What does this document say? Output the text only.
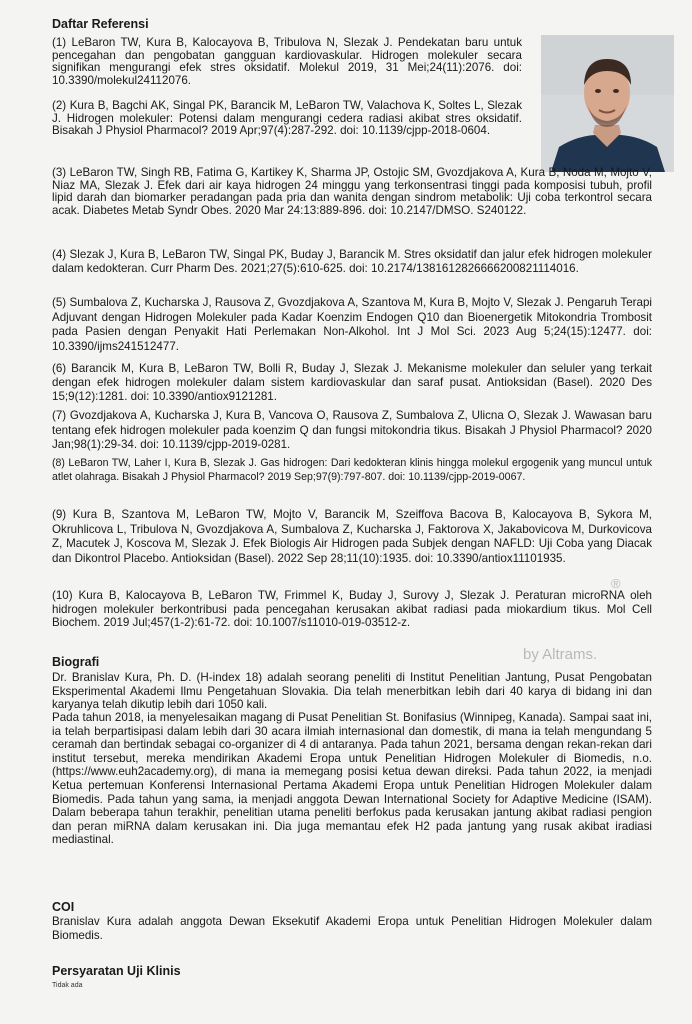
Daftar Referensi
(1) LeBaron TW, Kura B, Kalocayova B, Tribulova N, Slezak J. Pendekatan baru untuk pencegahan dan pengobatan gangguan kardiovaskular. Hidrogen molekuler secara signifikan mengurangi efek stres oksidatif. Molekul 2019, 31 Mei;24(11):2076. doi: 10.3390/molekul24112076.
(2) Kura B, Bagchi AK, Singal PK, Barancik M, LeBaron TW, Valachova K, Soltes L, Slezak J. Hidrogen molekuler: Potensi dalam mengurangi cedera radiasi akibat stres oksidatif. Bisakah J Physiol Pharmacol? 2019 Apr;97(4):287-292. doi: 10.1139/cjpp-2018-0604.
(3) LeBaron TW, Singh RB, Fatima G, Kartikey K, Sharma JP, Ostojic SM, Gvozdjakova A, Kura B, Noda M, Mojto V, Niaz MA, Slezak J. Efek dari air kaya hidrogen 24 minggu yang terkonsentrasi tinggi pada komposisi tubuh, profil lipid darah dan biomarker peradangan pada pria dan wanita dengan sindrom metabolik: Uji coba terkontrol secara acak. Diabetes Metab Syndr Obes. 2020 Mar 24:13:889-896. doi: 10.2147/DMSO. S240122.
(4) Slezak J, Kura B, LeBaron TW, Singal PK, Buday J, Barancik M. Stres oksidatif dan jalur efek hidrogen molekuler dalam kedokteran. Curr Pharm Des. 2021;27(5):610-625. doi: 10.2174/1381612826666200821114016.
(5) Sumbalova Z, Kucharska J, Rausova Z, Gvozdjakova A, Szantova M, Kura B, Mojto V, Slezak J. Pengaruh Terapi Adjuvant dengan Hidrogen Molekuler pada Kadar Koenzim Endogen Q10 dan Bioenergetik Mitokondria Trombosit pada Pasien dengan Penyakit Hati Perlemakan Non-Alkohol. Int J Mol Sci. 2023 Aug 5;24(15):12477. doi: 10.3390/ijms241512477.
(6) Barancik M, Kura B, LeBaron TW, Bolli R, Buday J, Slezak J. Mekanisme molekuler dan seluler yang terkait dengan efek hidrogen molekuler dalam sistem kardiovaskular dan saraf pusat. Antioksidan (Basel). 2020 Des 15;9(12):1281. doi: 10.3390/antiox9121281.
(7) Gvozdjakova A, Kucharska J, Kura B, Vancova O, Rausova Z, Sumbalova Z, Ulicna O, Slezak J. Wawasan baru tentang efek hidrogen molekuler pada koenzim Q dan fungsi mitokondria tikus. Bisakah J Physiol Pharmacol? 2020 Jan;98(1):29-34. doi: 10.1139/cjpp-2019-0281.
(8) LeBaron TW, Laher I, Kura B, Slezak J. Gas hidrogen: Dari kedokteran klinis hingga molekul ergogenik yang muncul untuk atlet olahraga. Bisakah J Physiol Pharmacol? 2019 Sep;97(9):797-807. doi: 10.1139/cjpp-2019-0067.
(9) Kura B, Szantova M, LeBaron TW, Mojto V, Barancik M, Szeiffova Bacova B, Kalocayova B, Sykora M, Okruhlicova L, Tribulova N, Gvozdjakova A, Sumbalova Z, Kucharska J, Faktorova X, Jakabovicova M, Durkovicova Z, Macutek J, Koscova M, Slezak J. Efek Biologis Air Hidrogen pada Subjek dengan NAFLD: Uji Coba yang Diacak dan Dikontrol Placebo. Antioksidan (Basel). 2022 Sep 28;11(10):1935. doi: 10.3390/antiox11101935.
(10) Kura B, Kalocayova B, LeBaron TW, Frimmel K, Buday J, Surovy J, Slezak J. Peraturan microRNA oleh hidrogen molekuler berkontribusi pada pencegahan kerusakan akibat radiasi pada miokardium tikus. Mol Cell Biochem. 2019 Jul;457(1-2):61-72. doi: 10.1007/s11010-019-03512-z.
®
by Altrams.
Biografi
Dr. Branislav Kura, Ph. D. (H-index 18) adalah seorang peneliti di Institut Penelitian Jantung, Pusat Pengobatan Eksperimental Akademi Ilmu Pengetahuan Slovakia. Dia telah menerbitkan lebih dari 40 karya di bidang ini dan karyanya telah dikutip lebih dari 1050 kali.
Pada tahun 2018, ia menyelesaikan magang di Pusat Penelitian St. Bonifasius (Winnipeg, Kanada). Sampai saat ini, ia telah berpartisipasi dalam lebih dari 30 acara ilmiah internasional dan domestik, di mana ia telah mengundang 5 ceramah dan bertindak sebagai co-organizer di 4 di antaranya. Pada tahun 2021, bersama dengan rekan-rekan dari institut tersebut, mereka mendirikan Akademi Eropa untuk Penelitian Hidrogen Molekuler di Biomedis, n.o. (https://www.euh2academy.org), di mana ia memegang posisi ketua dewan direksi. Pada tahun 2022, ia menjadi Ketua pertemuan Konferensi Internasional Pertama Akademi Eropa untuk Penelitian Hidrogen Molekuler dalam Biomedis. Pada tahun yang sama, ia menjadi anggota Dewan International Society for Adaptive Medicine (ISAM). Dalam beberapa tahun terakhir, penelitian utama peneliti berfokus pada kerusakan jantung akibat radiasi pengion dan peran miRNA dalam kerusakan ini. Dia juga memantau efek H2 pada jantung yang rusak akibat iradiasi mediastinal.
COI
Branislav Kura adalah anggota Dewan Eksekutif Akademi Eropa untuk Penelitian Hidrogen Molekuler dalam Biomedis.
Persyaratan Uji Klinis
Tidak ada
